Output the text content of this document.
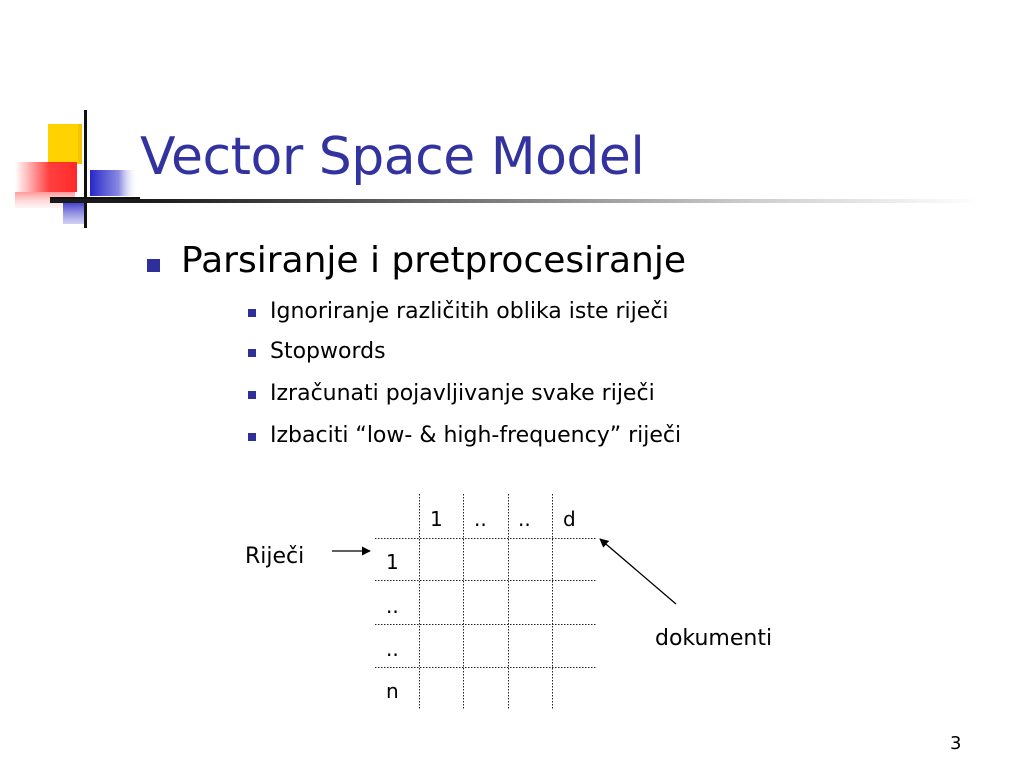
Vector Space Model
Parsiranje i pretprocesiranje
Ignoriranje različitih oblika iste riječi
Stopwords
Izračunati pojavljivanje svake riječi
Izbaciti “low- & high-frequency” riječi
1 .. .. d
1
..
..
n
Riječi
dokumenti
3
